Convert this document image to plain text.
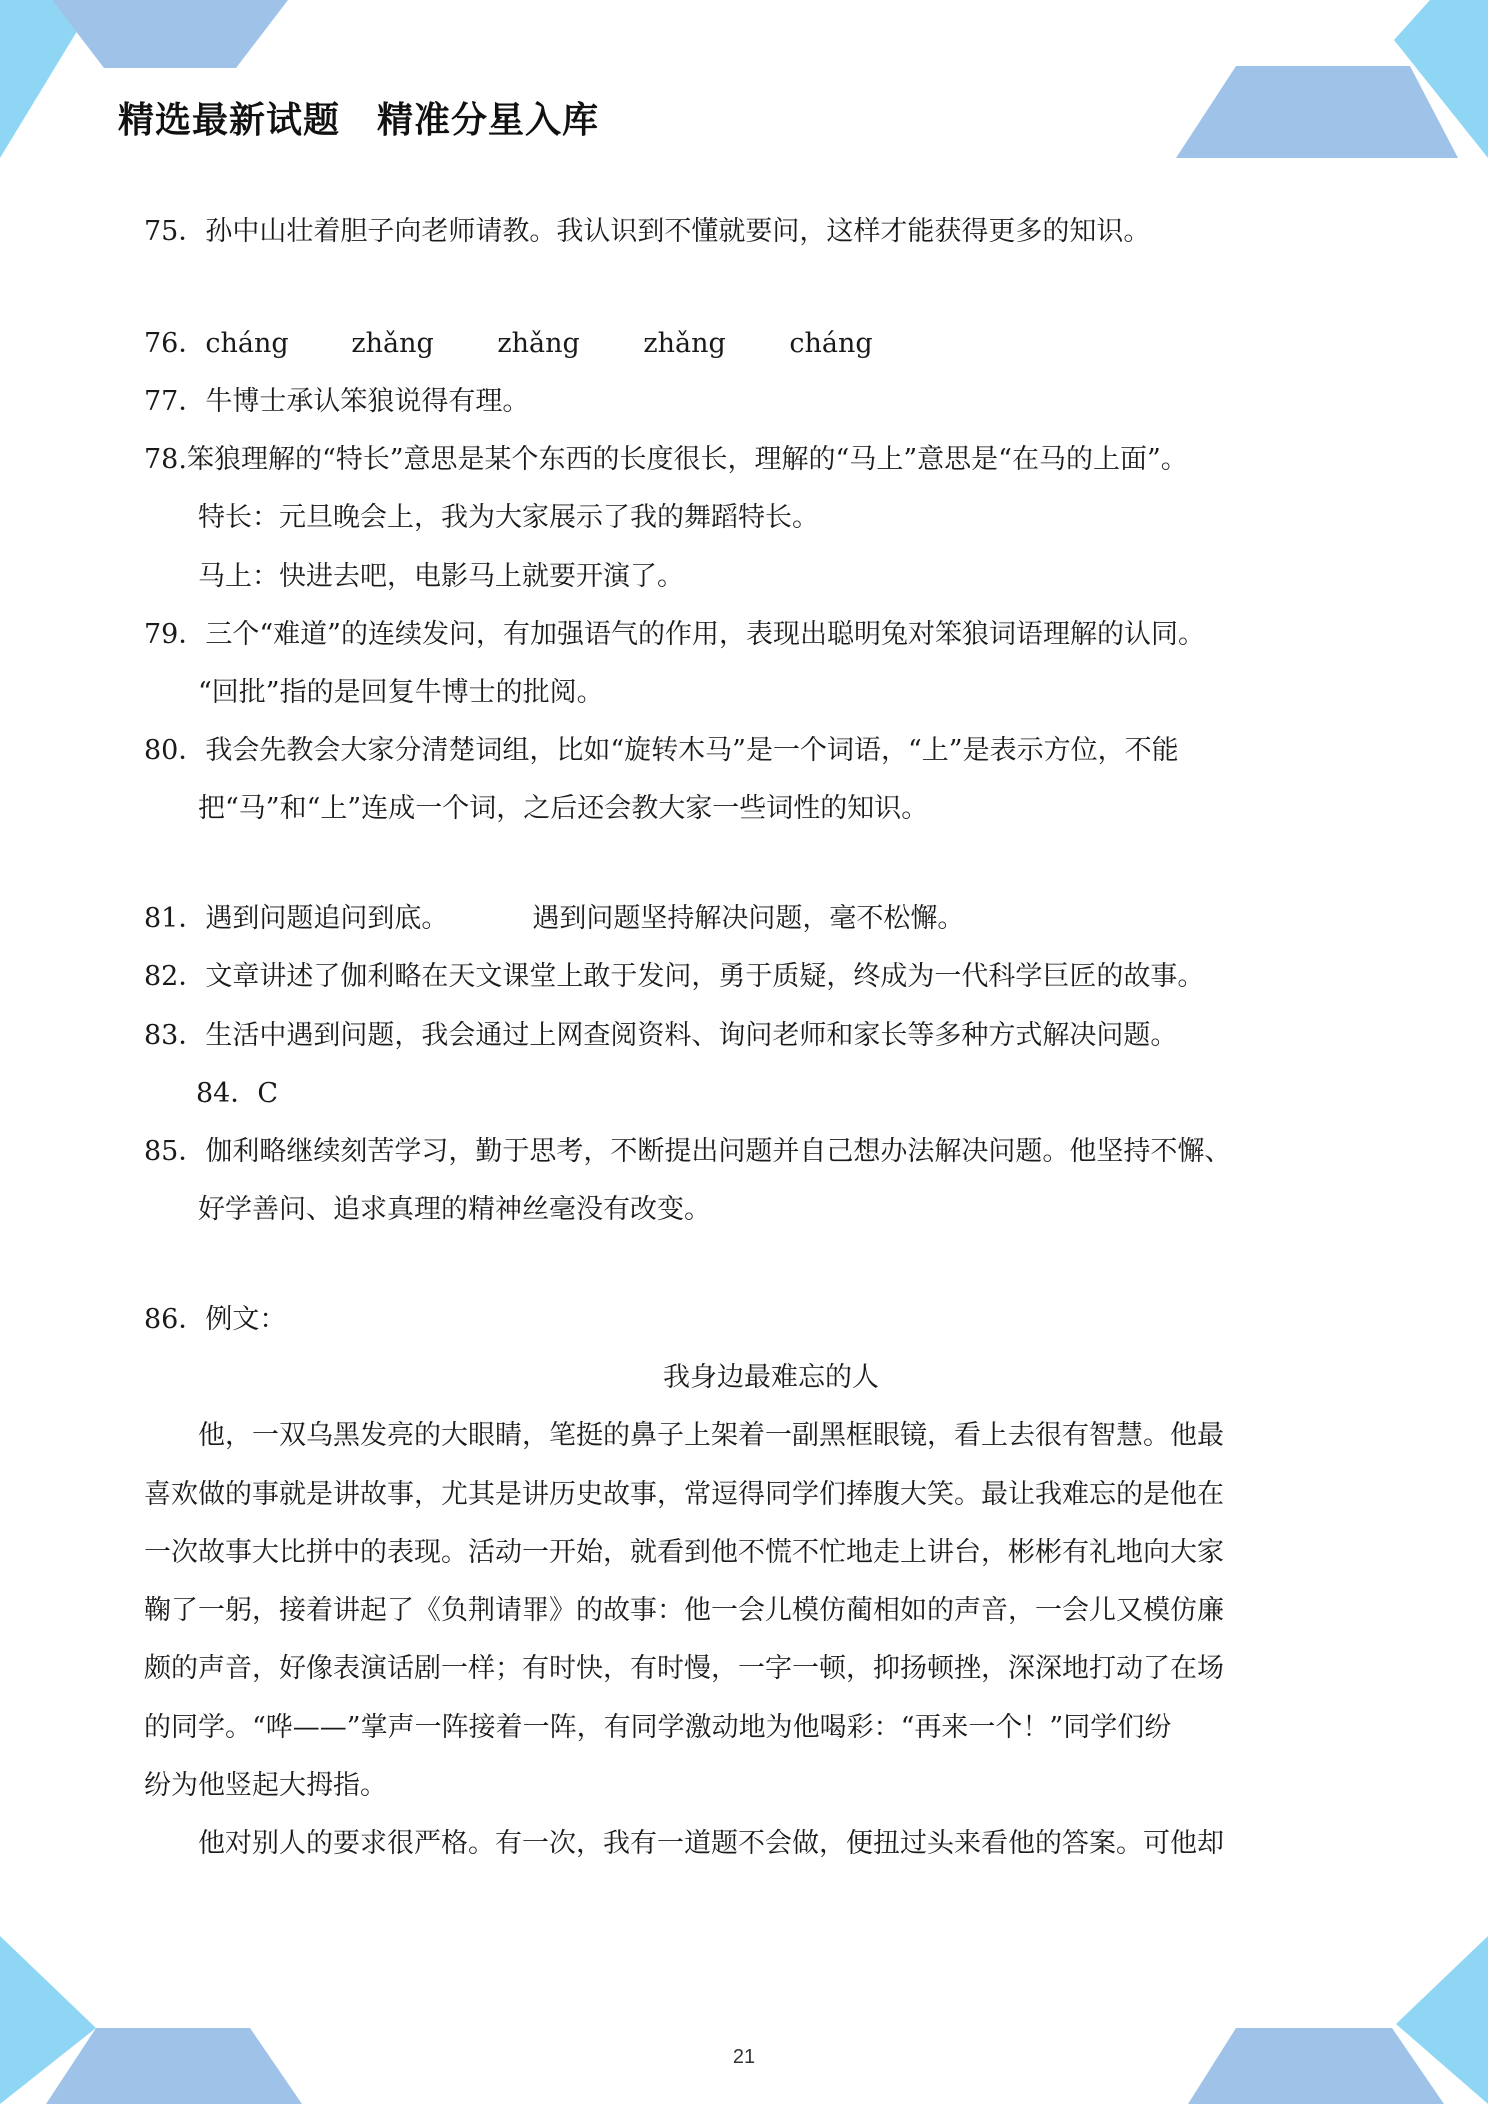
精选最新试题　精准分星入库
75．孙中山壮着胆子向老师请教。我认识到不懂就要问，这样才能获得更多的知识。
76．cháng zhǎng zhǎng zhǎng cháng
77．牛博士承认笨狼说得有理。
78.笨狼理解的“特长”意思是某个东西的长度很长，理解的“马上”意思是“在马的上面”。
特长：元旦晚会上，我为大家展示了我的舞蹈特长。
马上：快进去吧，电影马上就要开演了。
79．三个“难道”的连续发问，有加强语气的作用，表现出聪明兔对笨狼词语理解的认同。
“回批”指的是回复牛博士的批阅。
80．我会先教会大家分清楚词组，比如“旋转木马”是一个词语，“上”是表示方位，不能
把“马”和“上”连成一个词，之后还会教大家一些词性的知识。
81．遇到问题追问到底。	遇到问题坚持解决问题，毫不松懈。
82．文章讲述了伽利略在天文课堂上敢于发问，勇于质疑，终成为一代科学巨匠的故事。
83．生活中遇到问题，我会通过上网查阅资料、询问老师和家长等多种方式解决问题。
84．C
85．伽利略继续刻苦学习，勤于思考，不断提出问题并自己想办法解决问题。他坚持不懈、
好学善问、追求真理的精神丝毫没有改变。
86．例文：
我身边最难忘的人
他，一双乌黑发亮的大眼睛，笔挺的鼻子上架着一副黑框眼镜，看上去很有智慧。他最
喜欢做的事就是讲故事，尤其是讲历史故事，常逗得同学们捧腹大笑。最让我难忘的是他在
一次故事大比拼中的表现。活动一开始，就看到他不慌不忙地走上讲台，彬彬有礼地向大家
鞠了一躬，接着讲起了《负荆请罪》的故事：他一会儿模仿蔺相如的声音，一会儿又模仿廉
颇的声音，好像表演话剧一样；有时快，有时慢，一字一顿，抑扬顿挫，深深地打动了在场
的同学。“哗——”掌声一阵接着一阵，有同学激动地为他喝彩：“再来一个！”同学们纷
纷为他竖起大拇指。
他对别人的要求很严格。有一次，我有一道题不会做，便扭过头来看他的答案。可他却
21
